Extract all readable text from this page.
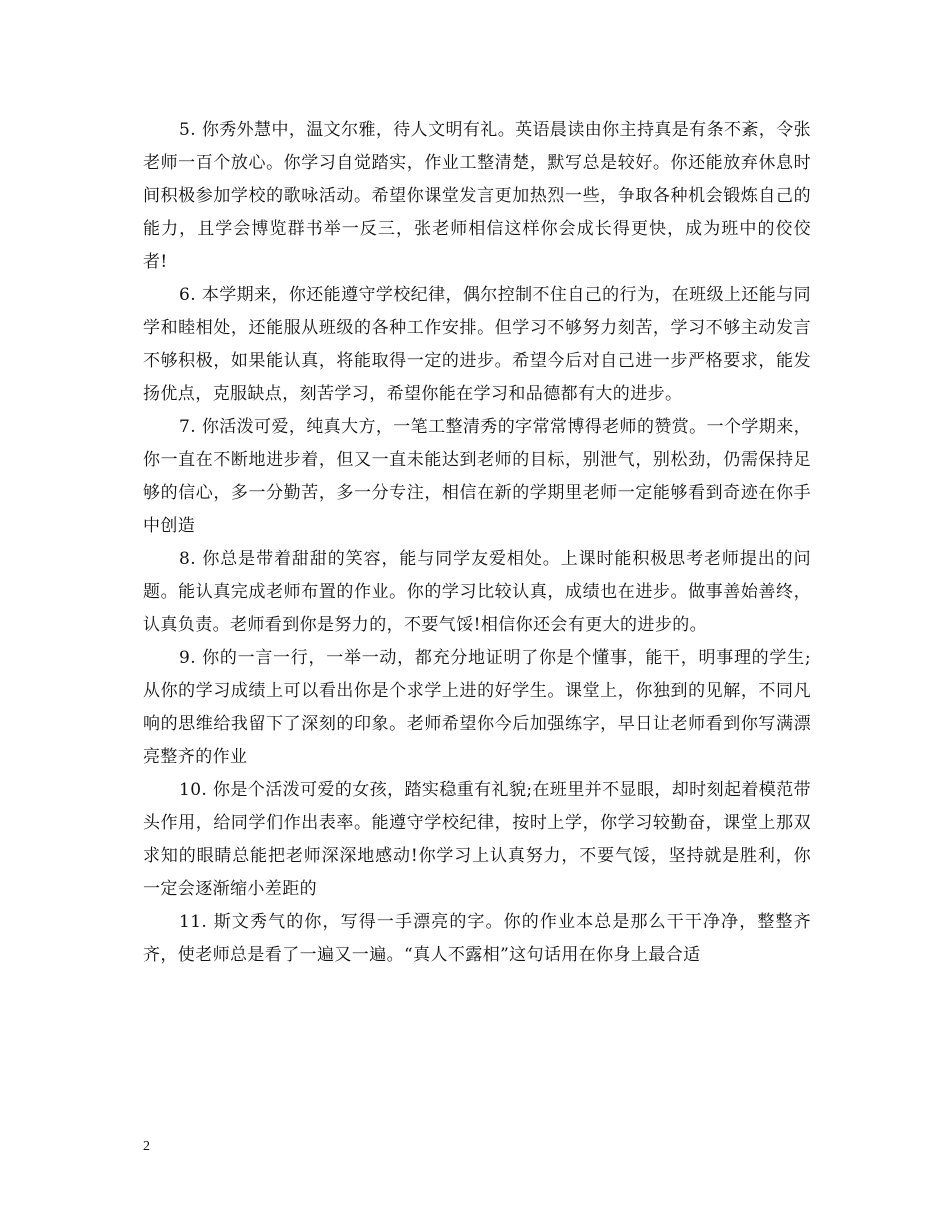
5. 你秀外慧中，温文尔雅，待人文明有礼。英语晨读由你主持真是有条不紊，令张老师一百个放心。你学习自觉踏实，作业工整清楚，默写总是较好。你还能放弃休息时间积极参加学校的歌咏活动。希望你课堂发言更加热烈一些，争取各种机会锻炼自己的能力，且学会博览群书举一反三，张老师相信这样你会成长得更快，成为班中的佼佼者!

6. 本学期来，你还能遵守学校纪律，偶尔控制不住自己的行为，在班级上还能与同学和睦相处，还能服从班级的各种工作安排。但学习不够努力刻苦，学习不够主动发言不够积极，如果能认真，将能取得一定的进步。希望今后对自己进一步严格要求，能发扬优点，克服缺点，刻苦学习，希望你能在学习和品德都有大的进步。

7. 你活泼可爱，纯真大方，一笔工整清秀的字常常博得老师的赞赏。一个学期来，你一直在不断地进步着，但又一直未能达到老师的目标，别泄气，别松劲，仍需保持足够的信心，多一分勤苦，多一分专注，相信在新的学期里老师一定能够看到奇迹在你手中创造

8. 你总是带着甜甜的笑容，能与同学友爱相处。上课时能积极思考老师提出的问题。能认真完成老师布置的作业。你的学习比较认真，成绩也在进步。做事善始善终，认真负责。老师看到你是努力的，不要气馁!相信你还会有更大的进步的。

9. 你的一言一行，一举一动，都充分地证明了你是个懂事，能干，明事理的学生;从你的学习成绩上可以看出你是个求学上进的好学生。课堂上，你独到的见解，不同凡响的思维给我留下了深刻的印象。老师希望你今后加强练字，早日让老师看到你写满漂亮整齐的作业

10. 你是个活泼可爱的女孩，踏实稳重有礼貌;在班里并不显眼，却时刻起着模范带头作用，给同学们作出表率。能遵守学校纪律，按时上学，你学习较勤奋，课堂上那双求知的眼睛总能把老师深深地感动!你学习上认真努力，不要气馁，坚持就是胜利，你一定会逐渐缩小差距的

11. 斯文秀气的你，写得一手漂亮的字。你的作业本总是那么干干净净，整整齐齐，使老师总是看了一遍又一遍。“真人不露相”这句话用在你身上最合适

2
